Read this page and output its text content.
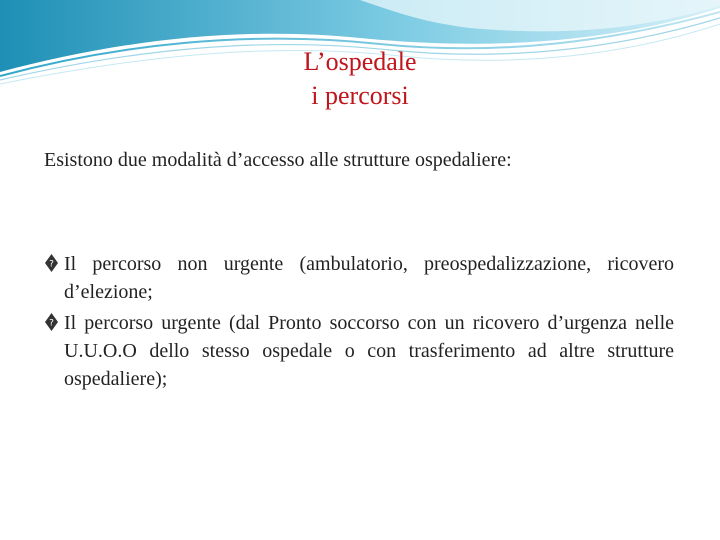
L’ospedale
i percorsi
Esistono due modalità d’accesso alle strutture ospedaliere:

? Il percorso non urgente (ambulatorio, preospedalizzazione, ricovero d’elezione;

? Il percorso urgente (dal Pronto soccorso con un ricovero d’urgenza nelle U.U.O.O dello stesso ospedale o con trasferimento ad altre strutture ospedaliere);
